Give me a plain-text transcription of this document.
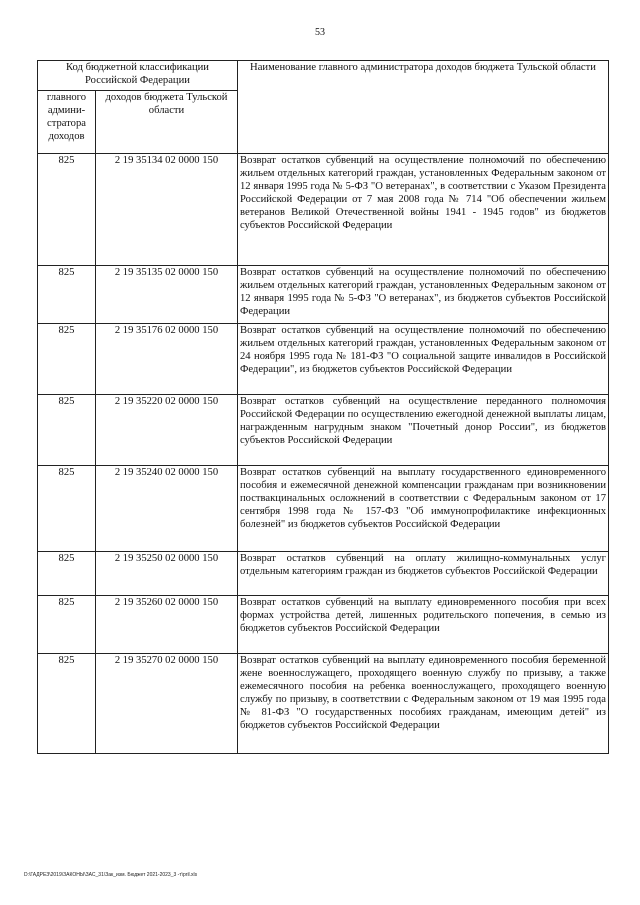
53
Код бюджетной классификации Российской Федерации		Наименование главного администратора доходов бюджета Тульской области
главного админи-стратора доходов	доходов бюджета Тульской области	
825	2 19 35134 02 0000 150	Возврат остатков субвенций на осуществление полномочий по обеспечению жильем отдельных категорий граждан, установленных Федеральным законом от 12 января 1995 года № 5-ФЗ "О ветеранах", в соответствии с Указом Президента Российской Федерации от 7 мая 2008 года № 714 "Об обеспечении жильем ветеранов Великой Отечественной войны 1941 - 1945 годов" из бюджетов субъектов Российской Федерации
825	2 19 35135 02 0000 150	Возврат остатков субвенций на осуществление полномочий по обеспечению жильем отдельных категорий граждан, установленных Федеральным законом от 12 января 1995 года № 5-ФЗ "О ветеранах", из бюджетов субъектов Российской Федерации
825	2 19 35176 02 0000 150	Возврат остатков субвенций на осуществление полномочий по обеспечению жильем отдельных категорий граждан, установленных Федеральным законом от 24 ноября 1995 года № 181-ФЗ "О социальной защите инвалидов в Российской Федерации", из бюджетов субъектов Российской Федерации
825	2 19 35220 02 0000 150	Возврат остатков субвенций на осуществление переданного полномочия Российской Федерации по осуществлению ежегодной денежной выплаты лицам, награжденным нагрудным знаком "Почетный донор России", из бюджетов субъектов Российской Федерации
825	2 19 35240 02 0000 150	Возврат остатков субвенций на выплату государственного единовременного пособия и ежемесячной денежной компенсации гражданам при возникновении поствакцинальных осложнений в соответствии с Федеральным законом от 17 сентября 1998 года № 157-ФЗ "Об иммунопрофилактике инфекционных болезней" из бюджетов субъектов Российской Федерации
825	2 19 35250 02 0000 150	Возврат остатков субвенций на оплату жилищно-коммунальных услуг отдельным категориям граждан из бюджетов субъектов Российской Федерации
825	2 19 35260 02 0000 150	Возврат остатков субвенций на выплату единовременного пособия при всех формах устройства детей, лишенных родительского попечения, в семью из бюджетов субъектов Российской Федерации
825	2 19 35270 02 0000 150	Возврат остатков субвенций на выплату единовременного пособия беременной жене военнослужащего, проходящего военную службу по призыву, а также ежемесячного пособия на ребенка военнослужащего, проходящего военную службу по призыву, в соответствии с Федеральным законом от 19 мая 1995 года № 81-ФЗ "О государственных пособиях гражданам, имеющим детей" из бюджетов субъектов Российской Федерации
D:\ГАДРЕЗ\2019\ЗАКОНЫ\ЗАС_31\Зак_изм. Бюджет 2021-2023_3 -т\pril.xls
